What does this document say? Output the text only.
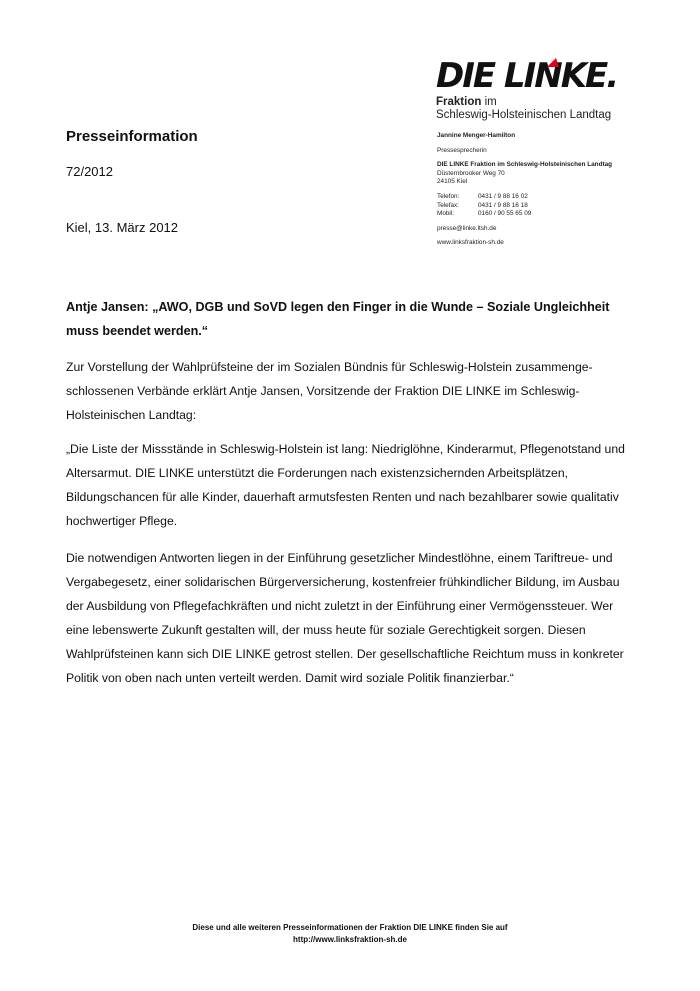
DIE LINKE.
Fraktion im
Schleswig-Holsteinischen Landtag
Presseinformation
72/2012
Kiel, 13. März 2012
Jannine Menger-Hamilton
Pressesprecherin
DIE LINKE Fraktion im Schleswig-Holsteinischen Landtag
Düsternbrooker Weg 70
24105 Kiel
Telefon:	0431 / 9 88 16 02
Telefax:	0431 / 9 88 16 18
Mobil:	0160 / 90 55 65 09
presse@linke.ltsh.de
www.linksfraktion-sh.de
Antje Jansen: „AWO, DGB und SoVD legen den Finger in die Wunde – Soziale Ungleichheit muss beendet werden.“
Zur Vorstellung der Wahlprüfsteine der im Sozialen Bündnis für Schleswig-Holstein zusammengeschlossenen Verbände erklärt Antje Jansen, Vorsitzende der Fraktion DIE LINKE im Schleswig-Holsteinischen Landtag:
„Die Liste der Missstände in Schleswig-Holstein ist lang: Niedriglöhne, Kinderarmut, Pflegenotstand und Altersarmut. DIE LINKE unterstützt die Forderungen nach existenzsichernden Arbeitsplätzen, Bildungschancen für alle Kinder, dauerhaft armutsfesten Renten und nach bezahlbarer sowie qualitativ hochwertiger Pflege.
Die notwendigen Antworten liegen in der Einführung gesetzlicher Mindestlöhne, einem Tariftreue- und Vergabegesetz, einer solidarischen Bürgerversicherung, kostenfreier frühkindlicher Bildung, im Ausbau der Ausbildung von Pflegefachkräften und nicht zuletzt in der Einführung einer Vermögenssteuer. Wer eine lebenswerte Zukunft gestalten will, der muss heute für soziale Gerechtigkeit sorgen. Diesen Wahlprüfsteinen kann sich DIE LINKE getrost stellen. Der gesellschaftliche Reichtum muss in konkreter Politik von oben nach unten verteilt werden. Damit wird soziale Politik finanzierbar.“
Diese und alle weiteren Presseinformationen der Fraktion DIE LINKE finden Sie auf
http://www.linksfraktion-sh.de
